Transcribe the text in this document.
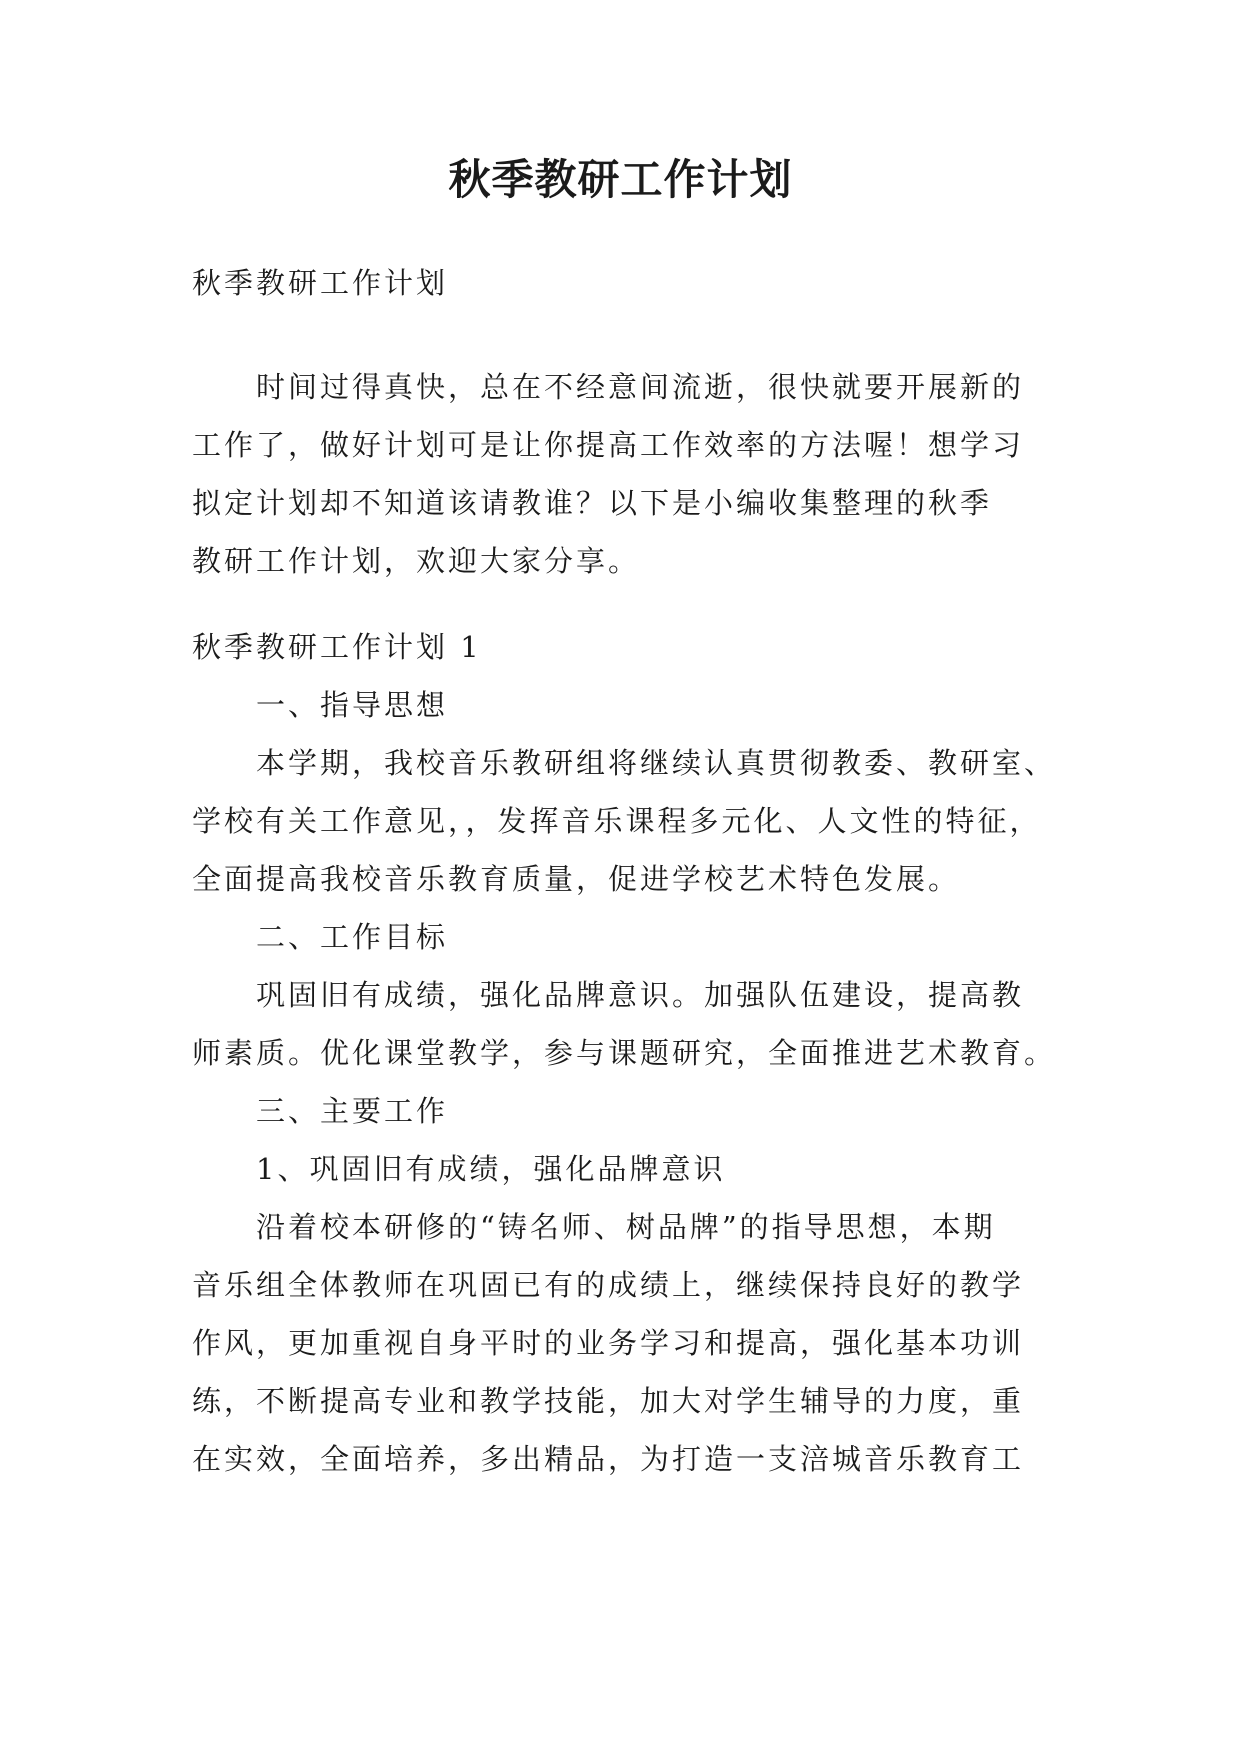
秋季教研工作计划
秋季教研工作计划
时间过得真快，总在不经意间流逝，很快就要开展新的
工作了，做好计划可是让你提高工作效率的方法喔！想学习
拟定计划却不知道该请教谁？以下是小编收集整理的秋季
教研工作计划，欢迎大家分享。
秋季教研工作计划 1
一、指导思想
本学期，我校音乐教研组将继续认真贯彻教委、教研室、
学校有关工作意见，，发挥音乐课程多元化、人文性的特征，
全面提高我校音乐教育质量，促进学校艺术特色发展。
二、工作目标
巩固旧有成绩，强化品牌意识。加强队伍建设，提高教
师素质。优化课堂教学，参与课题研究，全面推进艺术教育。
三、主要工作
1、巩固旧有成绩，强化品牌意识
沿着校本研修的“铸名师、树品牌”的指导思想，本期
音乐组全体教师在巩固已有的成绩上，继续保持良好的教学
作风，更加重视自身平时的业务学习和提高，强化基本功训
练，不断提高专业和教学技能，加大对学生辅导的力度，重
在实效，全面培养，多出精品，为打造一支涪城音乐教育工
